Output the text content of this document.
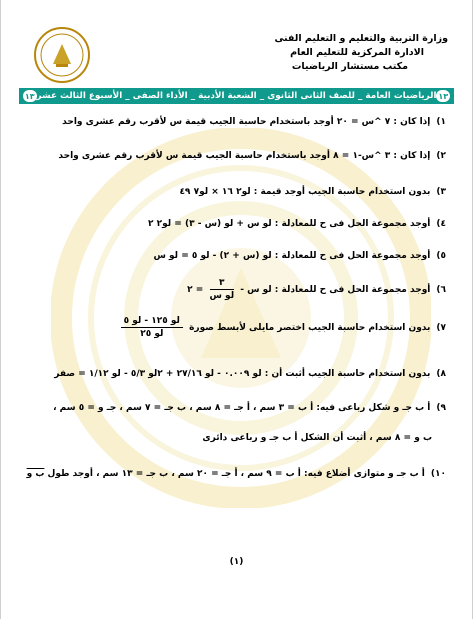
وزارة التربية والتعليم و التعليم الفنى
الادارة المركزية للتعليم العام
مكتب مستشار الرياضيات
١٣
الرياضيات العامة _ للصف الثانى الثانوى _ الشعبة الأدبية _ الأداء الصفى _ الأسبوع الثالث عشر
١٣
١)إذا كان : ٧ ^س = ٢٠ أوجد باستخدام حاسبة الجيب قيمة س لأقرب رقم عشرى واحد
٢)إذا كان : ٣ ^س-١ = ٨ أوجد باستخدام حاسبة الجيب قيمة س لأقرب رقم عشرى واحد
٣)بدون استخدام حاسبة الجيب أوجد قيمة : لو٢ ١٦ × لو٧ ٤٩
٤)أوجد مجموعة الحل فى ح للمعادلة : لو س + لو (س - ٣) = لو٢ ٢
٥)أوجد مجموعة الحل فى ح للمعادلة : لو (س + ٢) - لو ٥ = لو س
٦)أوجد مجموعة الحل فى ح للمعادلة : لو س -
$\frac{٣}{\text{لو س}}$
= ٢
٧)بدون استخدام حاسبة الجيب اختصر مايلى لأبسط صورة
$\frac{\text{لو ١٢٥ - لو ٥}}{\text{لو ٢٥}}$
٨)بدون استخدام حاسبة الجيب أثبت أن : لو ٠.٠٠٩ - لو ٢٧/١٦ + ٢لو ٥/٣ - لو ١/١٢ = صفر
٩)أ ب جـ و شكل رباعى فيه: أ ب = ٣ سم ، أ جـ = ٨ سم ، ب جـ = ٧ سم ، جـ و = ٥ سم ،
ب و = ٨ سم ، أثبت أن الشكل أ ب جـ و رباعى دائرى
١٠)أ ب جـ و متوازى أضلاع فيه: أ ب = ٩ سم ، أ جـ = ٢٠ سم ، ب جـ = ١٣ سم ، أوجد طول ب و
(١)
